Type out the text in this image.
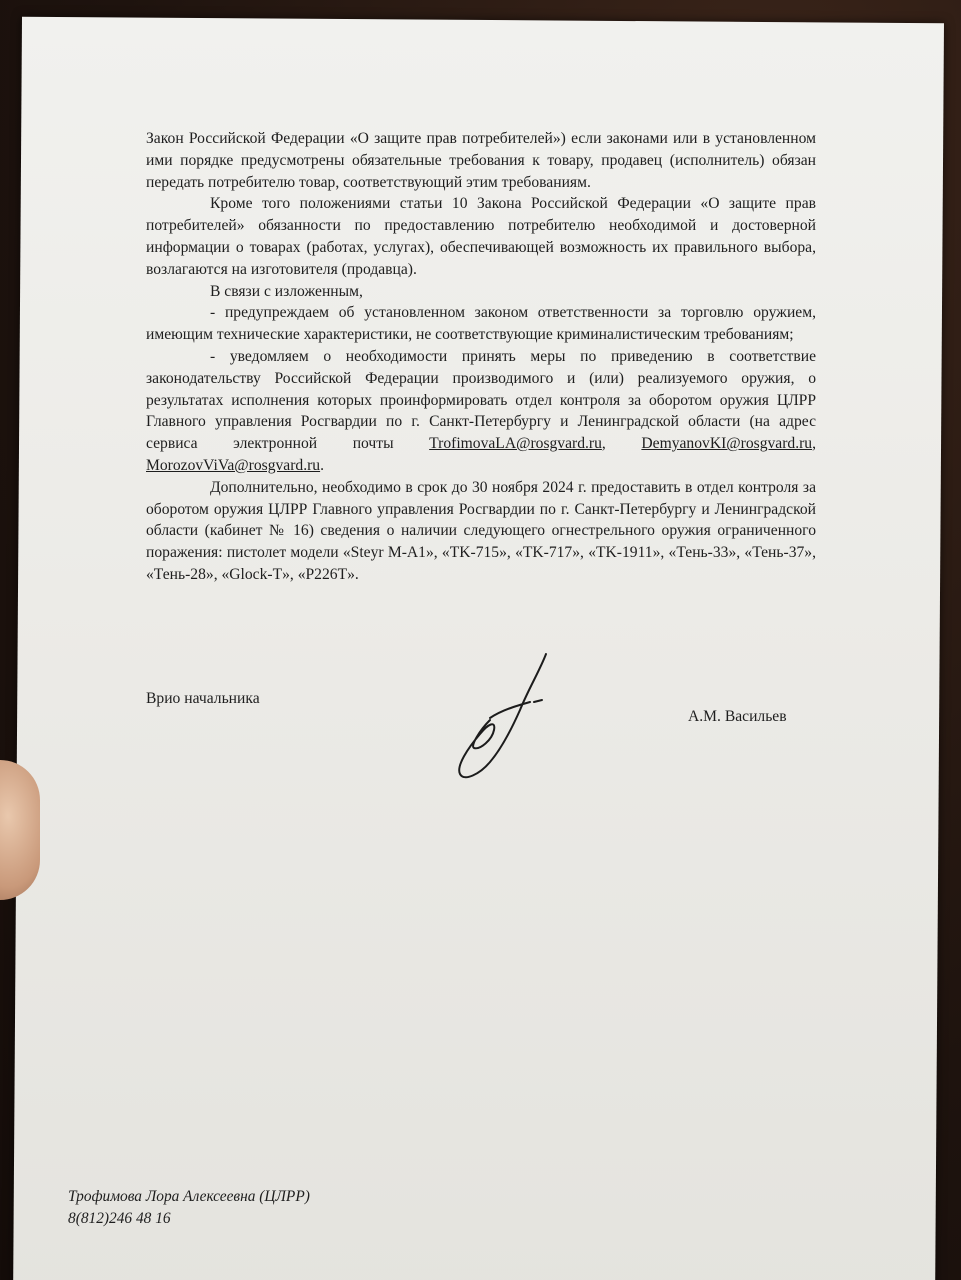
Закон Российской Федерации «О защите прав потребителей») если законами или в установленном ими порядке предусмотрены обязательные требования к товару, продавец (исполнитель) обязан передать потребителю товар, соответствующий этим требованиям.

Кроме того положениями статьи 10 Закона Российской Федерации «О защите прав потребителей» обязанности по предоставлению потребителю необходимой и достоверной информации о товарах (работах, услугах), обеспечивающей возможность их правильного выбора, возлагаются на изготовителя (продавца).

В связи с изложенным,

- предупреждаем об установленном законом ответственности за торговлю оружием, имеющим технические характеристики, не соответствующие криминалистическим требованиям;

- уведомляем о необходимости принять меры по приведению в соответствие законодательству Российской Федерации производимого и (или) реализуемого оружия, о результатах исполнения которых проинформировать отдел контроля за оборотом оружия ЦЛРР Главного управления Росгвардии по г. Санкт-Петербургу и Ленинградской области (на адрес сервиса электронной почты TrofimovaLA@rosgvard.ru, DemyanovKI@rosgvard.ru, MorozovViVa@rosgvard.ru.

Дополнительно, необходимо в срок до 30 ноября 2024 г. предоставить в отдел контроля за оборотом оружия ЦЛРР Главного управления Росгвардии по г. Санкт-Петербургу и Ленинградской области (кабинет № 16) сведения о наличии следующего огнестрельного оружия ограниченного поражения: пистолет модели «Steyr M-A1», «TK-715», «TK-717», «TK-1911», «Тень-33», «Тень-37», «Тень-28», «Glock-T», «P226T».

Врио начальника
А.М. Васильев
Трофимова Лора Алексеевна (ЦЛРР)
8(812)246 48 16
